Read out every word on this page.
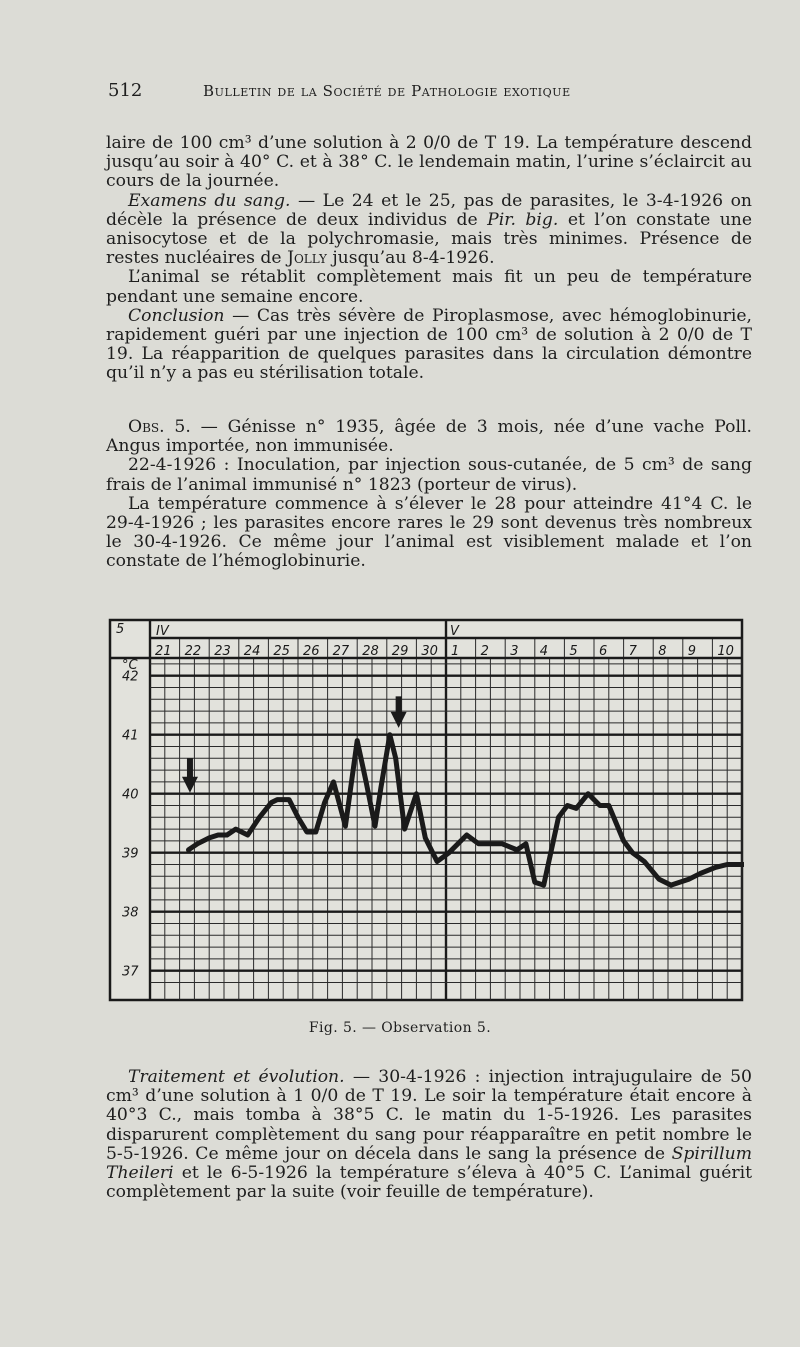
512	Bulletin de la Société de Pathologie exotique

laire de 100 cm³ d’une solution à 2 0/0 de T 19. La température descend jusqu’au soir à 40° C. et à 38° C. le lendemain matin, l’urine s’éclaircit au cours de la journée.

Examens du sang. — Le 24 et le 25, pas de parasites, le 3-4-1926 on décèle la présence de deux individus de Pir. big. et l’on constate une anisocytose et de la polychromasie, mais très minimes. Présence de restes nucléaires de Jolly jusqu’au 8-4-1926.

L’animal se rétablit complètement mais fit un peu de température pendant une semaine encore.

Conclusion — Cas très sévère de Piroplasmose, avec hémoglobinurie, rapidement guéri par une injection de 100 cm³ de solution à 2 0/0 de T 19. La réapparition de quelques parasites dans la circulation démontre qu’il n’y a pas eu stérilisation totale.

Obs. 5. — Génisse n° 1935, âgée de 3 mois, née d’une vache Poll. Angus importée, non immunisée.

22-4-1926 : Inoculation, par injection sous-cutanée, de 5 cm³ de sang frais de l’animal immunisé n° 1823 (porteur de virus).

La température commence à s’élever le 28 pour atteindre 41°4 C. le 29-4-1926 ; les parasites encore rares le 29 sont devenus très nombreux le 30-4-1926. Ce même jour l’animal est visiblement malade et l’on constate de l’hémoglobinurie.

5
°C
IV	V
21 22 23 24 25 26 27 28 29 30 1 2 3 4 5 6 7 8 9 10
42
41
40
39
38
37
Fig. 5. — Observation 5.

Traitement et évolution. — 30-4-1926 : injection intrajugulaire de 50 cm³ d’une solution à 1 0/0 de T 19. Le soir la température était encore à 40°3 C., mais tomba à 38°5 C. le matin du 1-5-1926. Les parasites disparurent complètement du sang pour réapparaître en petit nombre le 5-5-1926. Ce même jour on décela dans le sang la présence de Spirillum Theileri et le 6-5-1926 la température s’éleva à 40°5 C. L’animal guérit complètement par la suite (voir feuille de température).
